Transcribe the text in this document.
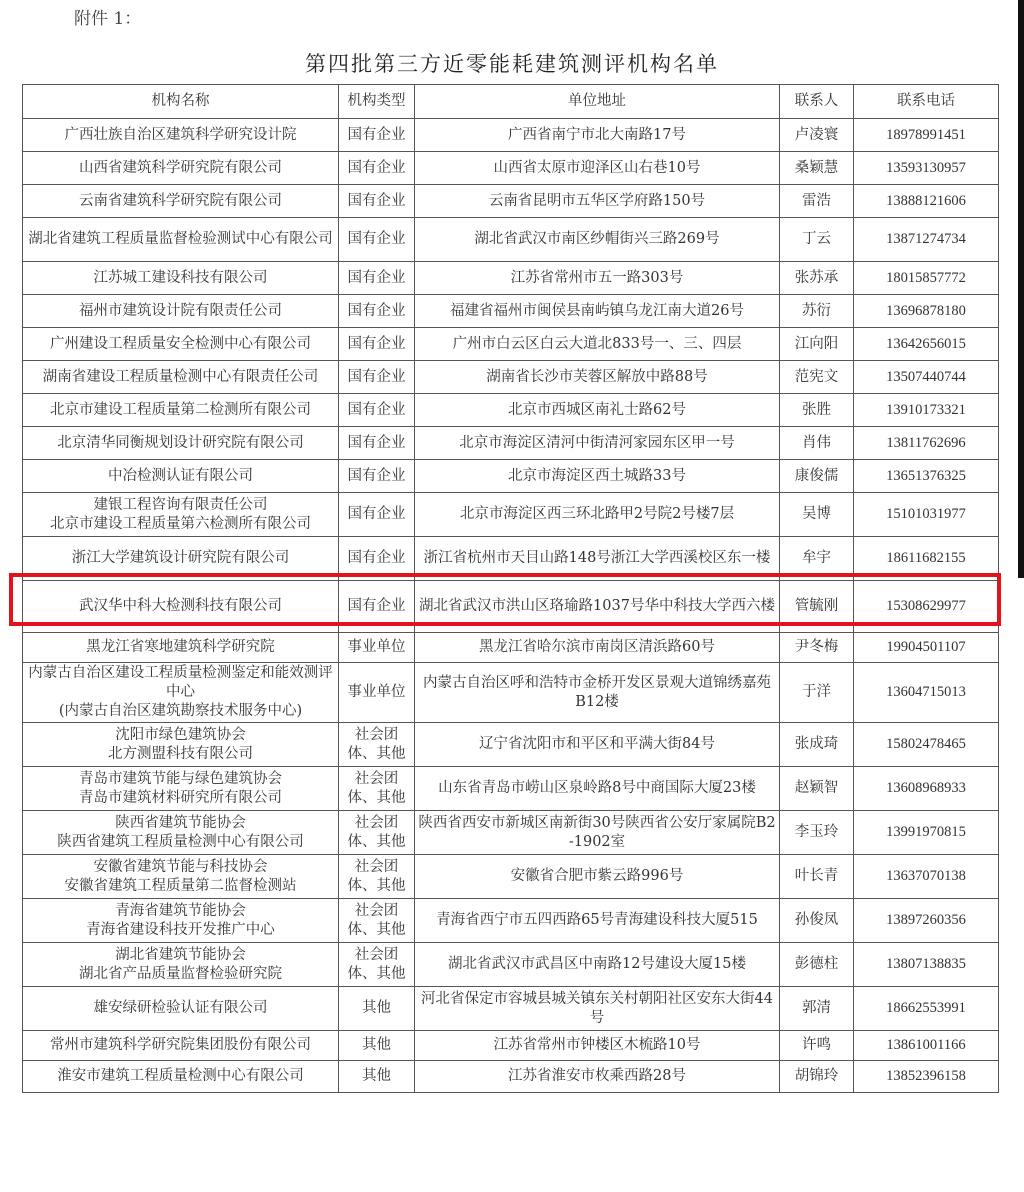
附件 1：
第四批第三方近零能耗建筑测评机构名单
机构名称	机构类型	单位地址	联系人	联系电话

广西壮族自治区建筑科学研究设计院	国有企业	广西省南宁市北大南路17号	卢凌寰	18978991451

山西省建筑科学研究院有限公司	国有企业	山西省太原市迎泽区山右巷10号	桑颖慧	13593130957

云南省建筑科学研究院有限公司	国有企业	云南省昆明市五华区学府路150号	雷浩	13888121606

湖北省建筑工程质量监督检验测试中心有限公司	国有企业	湖北省武汉市南区纱帽街兴三路269号	丁云	13871274734

江苏城工建设科技有限公司	国有企业	江苏省常州市五一路303号	张苏承	18015857772

福州市建筑设计院有限责任公司	国有企业	福建省福州市闽侯县南屿镇乌龙江南大道26号	苏衍	13696878180

广州建设工程质量安全检测中心有限公司	国有企业	广州市白云区白云大道北833号一、三、四层	江向阳	13642656015

湖南省建设工程质量检测中心有限责任公司	国有企业	湖南省长沙市芙蓉区解放中路88号	范宪文	13507440744

北京市建设工程质量第二检测所有限公司	国有企业	北京市西城区南礼士路62号	张胜	13910173321

北京清华同衡规划设计研究院有限公司	国有企业	北京市海淀区清河中街清河家园东区甲一号	肖伟	13811762696

中冶检测认证有限公司	国有企业	北京市海淀区西土城路33号	康俊儒	13651376325

建银工程咨询有限责任公司
北京市建设工程质量第六检测所有限公司	国有企业	北京市海淀区西三环北路甲2号院2号楼7层	吴博	15101031977

浙江大学建筑设计研究院有限公司	国有企业	浙江省杭州市天目山路148号浙江大学西溪校区东一楼	牟宇	18611682155

武汉华中科大检测科技有限公司	国有企业	湖北省武汉市洪山区珞瑜路1037号华中科技大学西六楼	管毓刚	15308629977

黑龙江省寒地建筑科学研究院	事业单位	黑龙江省哈尔滨市南岗区清浜路60号	尹冬梅	19904501107

内蒙古自治区建设工程质量检测鉴定和能效测评中心
(内蒙古自治区建筑勘察技术服务中心)	事业单位	内蒙古自治区呼和浩特市金桥开发区景观大道锦绣嘉苑B12楼	于洋	13604715013

沈阳市绿色建筑协会
北方测盟科技有限公司	社会团体、其他	辽宁省沈阳市和平区和平满大街84号	张成琦	15802478465

青岛市建筑节能与绿色建筑协会
青岛市建筑材料研究所有限公司	社会团体、其他	山东省青岛市崂山区泉岭路8号中商国际大厦23楼	赵颖智	13608968933

陕西省建筑节能协会
陕西省建筑工程质量检测中心有限公司	社会团体、其他	陕西省西安市新城区南新街30号陕西省公安厅家属院B2-1902室	李玉玲	13991970815

安徽省建筑节能与科技协会
安徽省建筑工程质量第二监督检测站	社会团体、其他	安徽省合肥市紫云路996号	叶长青	13637070138

青海省建筑节能协会
青海省建设科技开发推广中心	社会团体、其他	青海省西宁市五四西路65号青海建设科技大厦515	孙俊凤	13897260356

湖北省建筑节能协会
湖北省产品质量监督检验研究院	社会团体、其他	湖北省武汉市武昌区中南路12号建设大厦15楼	彭德柱	13807138835

雄安绿研检验认证有限公司	其他	河北省保定市容城县城关镇东关村朝阳社区安东大街44号	郭清	18662553991

常州市建筑科学研究院集团股份有限公司	其他	江苏省常州市钟楼区木梳路10号	许鸣	13861001166

淮安市建筑工程质量检测中心有限公司	其他	江苏省淮安市枚乘西路28号	胡锦玲	13852396158
